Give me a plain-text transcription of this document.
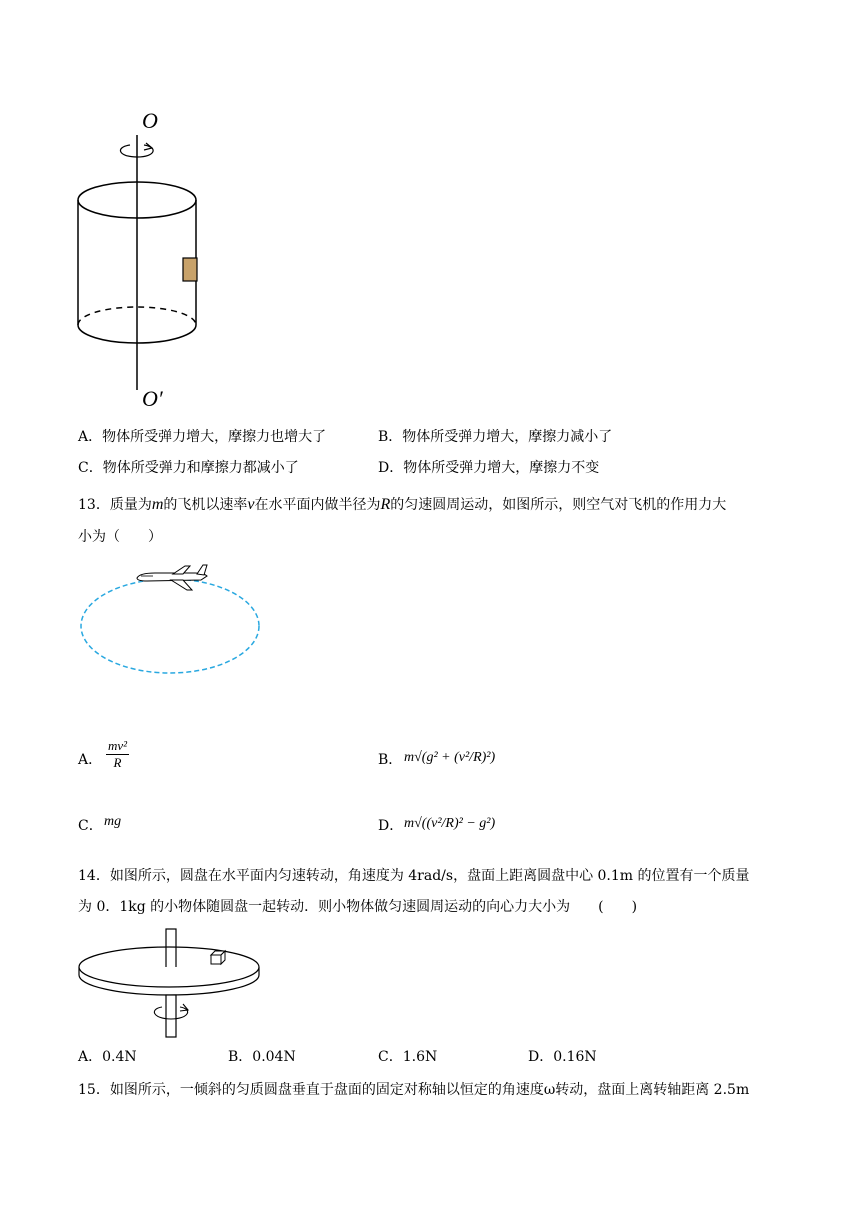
O
O′
A．物体所受弹力增大，摩擦力也增大了	B．物体所受弹力增大，摩擦力减小了
C．物体所受弹力和摩擦力都减小了	D．物体所受弹力增大，摩擦力不变
13．质量为m的飞机以速率v在水平面内做半径为R的匀速圆周运动，如图所示，则空气对飞机的作用力大
小为（　　）
A． $\frac{\text{mv²}}{R}$	B． m√(g² + (v²/R)²)
C． mg	D． m√((v²/R)² − g²)
14．如图所示，圆盘在水平面内匀速转动，角速度为 4rad/s，盘面上距离圆盘中心 0.1m 的位置有一个质量
为 0．1kg 的小物体随圆盘一起转动．则小物体做匀速圆周运动的向心力大小为　　(　　)
A．0.4N	B．0.04N	C．1.6N	D．0.16N
15．如图所示，一倾斜的匀质圆盘垂直于盘面的固定对称轴以恒定的角速度ω转动，盘面上离转轴距离 2.5m
